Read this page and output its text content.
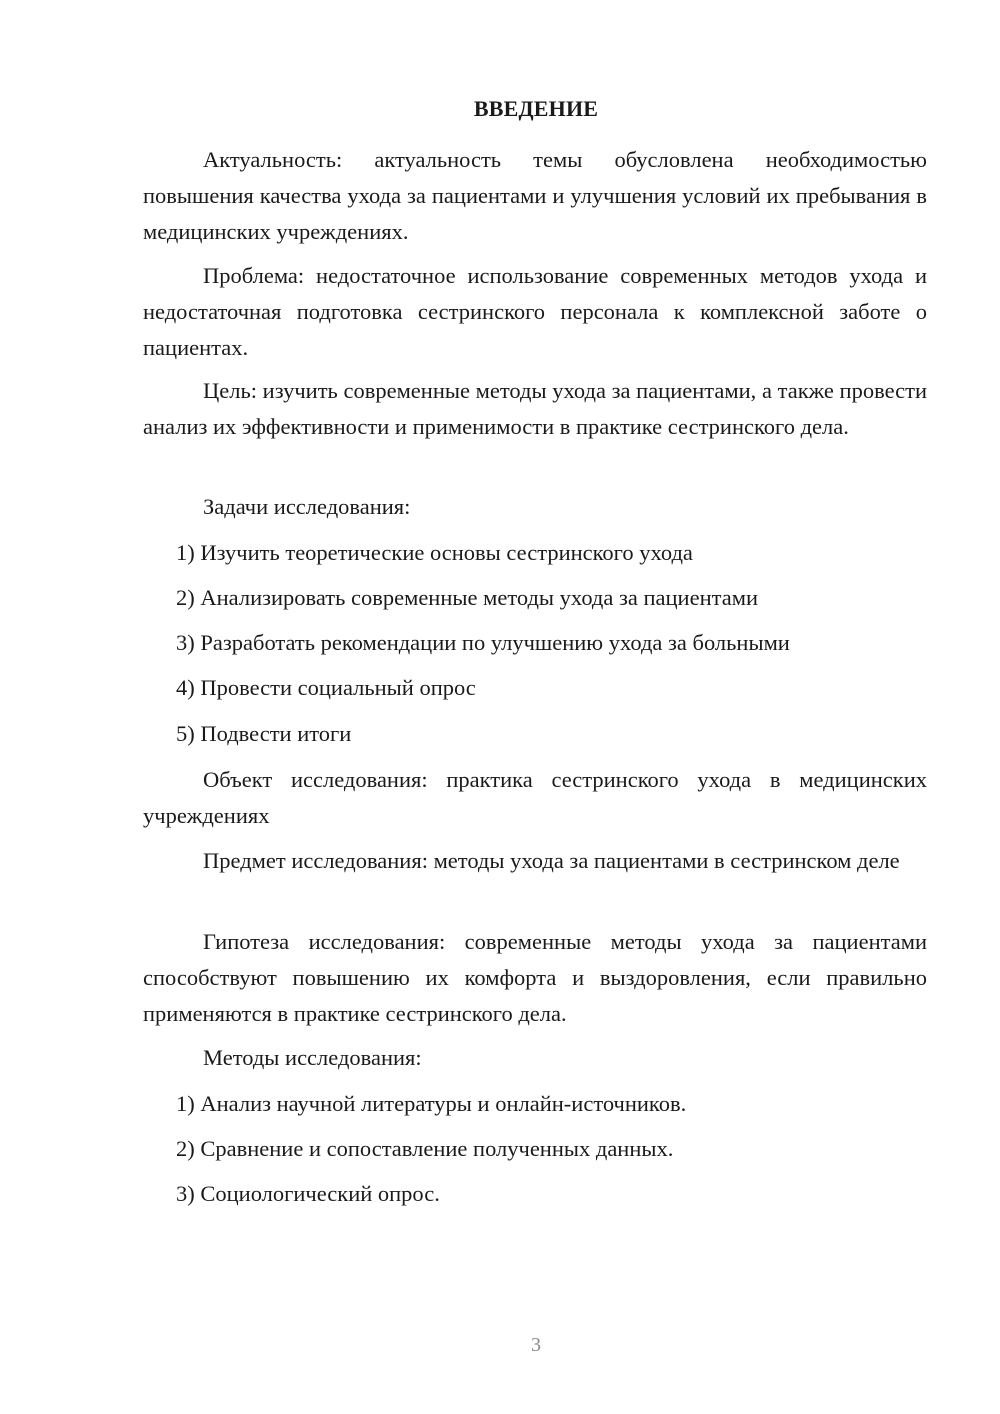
ВВЕДЕНИЕ
Актуальность: актуальность темы обусловлена необходимостью повышения качества ухода за пациентами и улучшения условий их пребывания в медицинских учреждениях.
Проблема: недостаточное использование современных методов ухода и недостаточная подготовка сестринского персонала к комплексной заботе о пациентах.
Цель: изучить современные методы ухода за пациентами, а также провести анализ их эффективности и применимости в практике сестринского дела.
Задачи исследования:
1) Изучить теоретические основы сестринского ухода
2) Анализировать современные методы ухода за пациентами
3) Разработать рекомендации по улучшению ухода за больными
4) Провести социальный опрос
5) Подвести итоги
Объект исследования: практика сестринского ухода в медицинских учреждениях
Предмет исследования: методы ухода за пациентами в сестринском деле
Гипотеза исследования: современные методы ухода за пациентами способствуют повышению их комфорта и выздоровления, если правильно применяются в практике сестринского дела.
Методы исследования:
1) Анализ научной литературы и онлайн-источников.
2) Сравнение и сопоставление полученных данных.
3) Социологический опрос.
3
